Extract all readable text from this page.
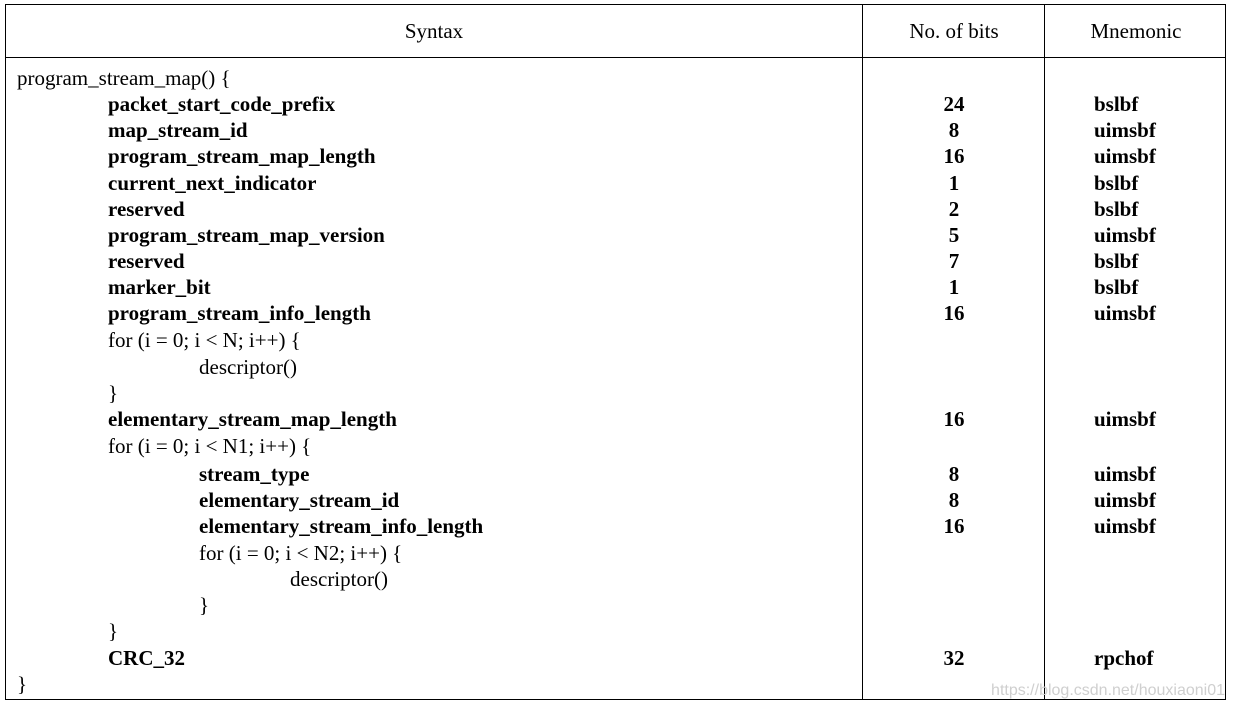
Syntax	No. of bits	Mnemonic
program_stream_map() {
packet_start_code_prefix	24	bslbf
map_stream_id	8	uimsbf
program_stream_map_length	16	uimsbf
current_next_indicator	1	bslbf
reserved	2	bslbf
program_stream_map_version	5	uimsbf
reserved	7	bslbf
marker_bit	1	bslbf
program_stream_info_length	16	uimsbf
for (i = 0; i < N; i++) {
descriptor()
}
elementary_stream_map_length	16	uimsbf
for (i = 0; i < N1; i++) {
stream_type	8	uimsbf
elementary_stream_id	8	uimsbf
elementary_stream_info_length	16	uimsbf
for (i = 0; i < N2; i++) {
descriptor()
}
}
CRC_32	32	rpchof
}	https://blog.csdn.net/houxiaoni01
